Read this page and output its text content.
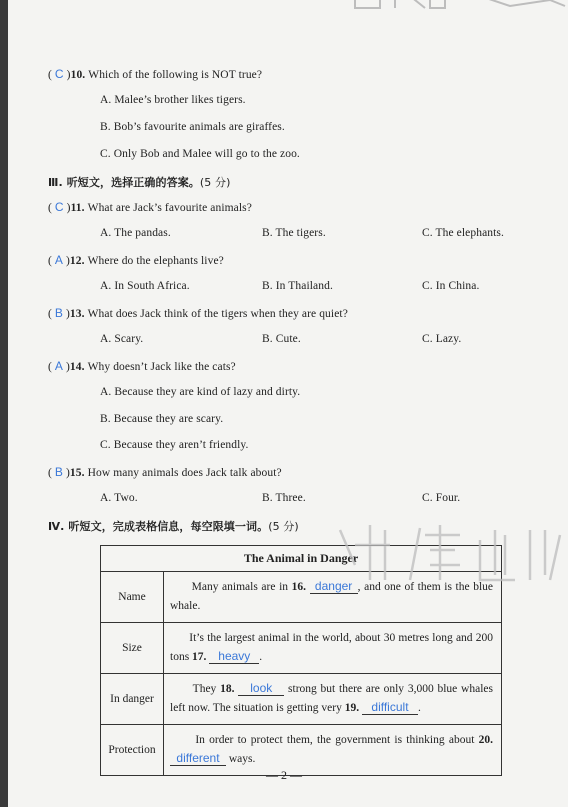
( C )10. Which of the following is NOT true?
A. Malee’s brother likes tigers.
B. Bob’s favourite animals are giraffes.
C. Only Bob and Malee will go to the zoo.
Ⅲ. 听短文，选择正确的答案。(5 分)
( C )11. What are Jack’s favourite animals?
A. The pandas.	B. The tigers.	C. The elephants.
( A )12. Where do the elephants live?
A. In South Africa.	B. In Thailand.	C. In China.
( B )13. What does Jack think of the tigers when they are quiet?
A. Scary.	B. Cute.	C. Lazy.
( A )14. Why doesn’t Jack like the cats?
A. Because they are kind of lazy and dirty.
B. Because they are scary.
C. Because they aren’t friendly.
( B )15. How many animals does Jack talk about?
A. Two.	B. Three.	C. Four.
Ⅳ. 听短文，完成表格信息，每空限填一词。(5 分)
The Animal in Danger	
Name	Many animals are in 16. danger , and one of them is the blue whale.
Size	It’s the largest animal in the world, about 30 metres long and 200 tons 17. heavy .
In danger	They 18. look strong but there are only 3,000 blue whales left now. The situation is getting very 19. difficult .
Protection	In order to protect them, the government is thinking about 20. different ways.
— 2 —
